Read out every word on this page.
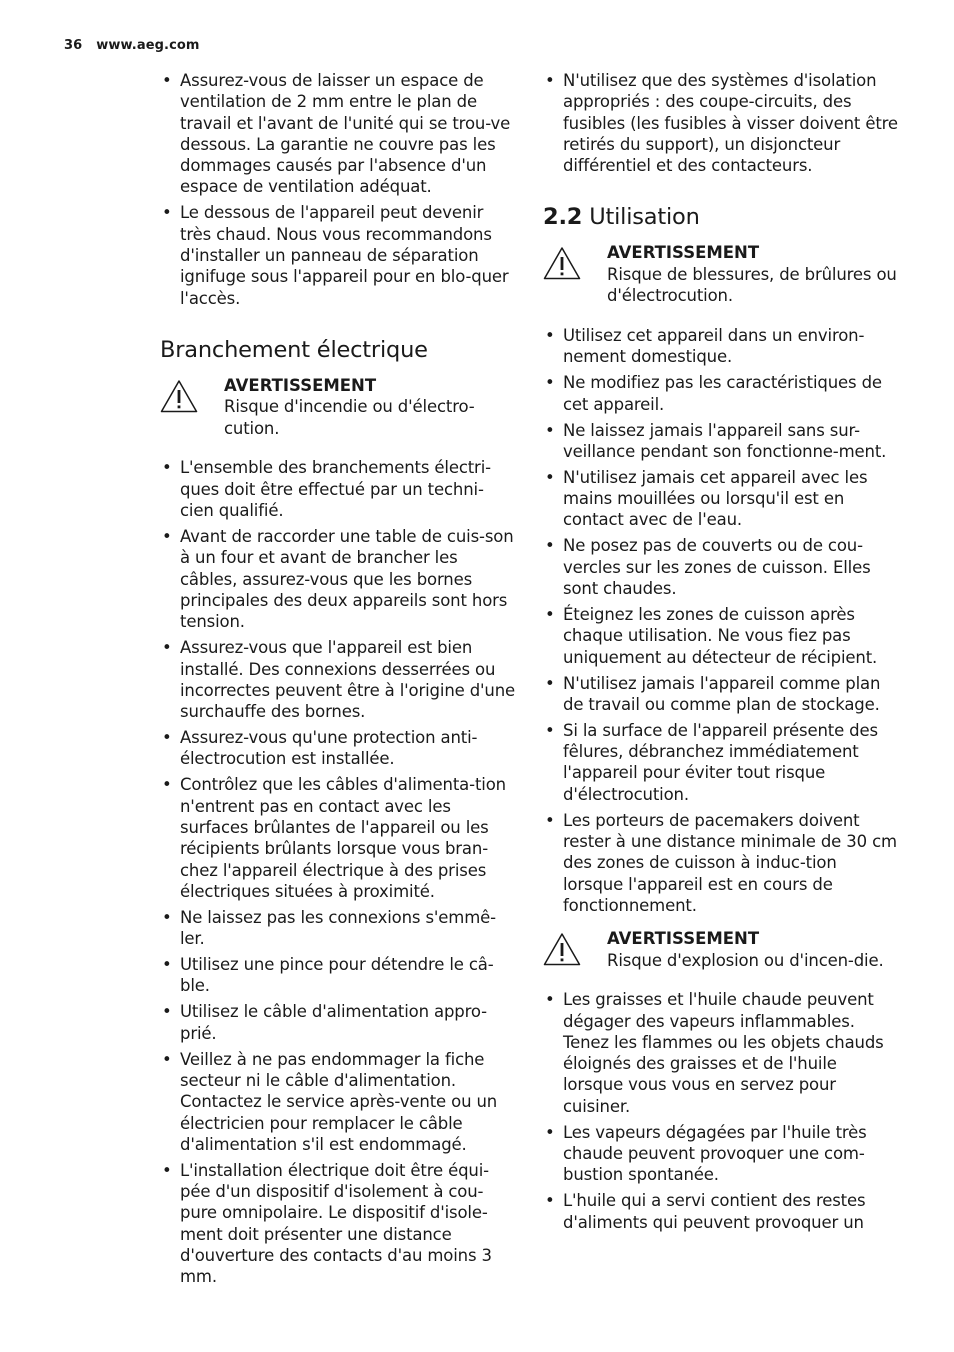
36 www.aeg.com
• Assurez-vous de laisser un espace de ventilation de 2 mm entre le plan de travail et l'avant de l'unité qui se trou-ve dessous. La garantie ne couvre pas les dommages causés par l'absence d'un espace de ventilation adéquat.
• Le dessous de l'appareil peut devenir très chaud. Nous vous recommandons d'installer un panneau de séparation ignifuge sous l'appareil pour en blo-quer l'accès.
Branchement électrique
AVERTISSEMENT
Risque d'incendie ou d'électro-cution.
• L'ensemble des branchements électri-ques doit être effectué par un techni-cien qualifié.
• Avant de raccorder une table de cuis-son à un four et avant de brancher les câbles, assurez-vous que les bornes principales des deux appareils sont hors tension.
• Assurez-vous que l'appareil est bien installé. Des connexions desserrées ou incorrectes peuvent être à l'origine d'une surchauffe des bornes.
• Assurez-vous qu'une protection anti-électrocution est installée.
• Contrôlez que les câbles d'alimenta-tion n'entrent pas en contact avec les surfaces brûlantes de l'appareil ou les récipients brûlants lorsque vous bran-chez l'appareil électrique à des prises électriques situées à proximité.
• Ne laissez pas les connexions s'emmê-ler.
• Utilisez une pince pour détendre le câ-ble.
• Utilisez le câble d'alimentation appro-prié.
• Veillez à ne pas endommager la fiche secteur ni le câble d'alimentation. Contactez le service après-vente ou un électricien pour remplacer le câble d'alimentation s'il est endommagé.
• L'installation électrique doit être équi-pée d'un dispositif d'isolement à cou-pure omnipolaire. Le dispositif d'isole-ment doit présenter une distance d'ouverture des contacts d'au moins 3 mm.
• N'utilisez que des systèmes d'isolation appropriés : des coupe-circuits, des fusibles (les fusibles à visser doivent être retirés du support), un disjoncteur différentiel et des contacteurs.
2.2 Utilisation
AVERTISSEMENT
Risque de blessures, de brûlures ou d'électrocution.
• Utilisez cet appareil dans un environ-nement domestique.
• Ne modifiez pas les caractéristiques de cet appareil.
• Ne laissez jamais l'appareil sans sur-veillance pendant son fonctionne-ment.
• N'utilisez jamais cet appareil avec les mains mouillées ou lorsqu'il est en contact avec de l'eau.
• Ne posez pas de couverts ou de cou-vercles sur les zones de cuisson. Elles sont chaudes.
• Éteignez les zones de cuisson après chaque utilisation. Ne vous fiez pas uniquement au détecteur de récipient.
• N'utilisez jamais l'appareil comme plan de travail ou comme plan de stockage.
• Si la surface de l'appareil présente des fêlures, débranchez immédiatement l'appareil pour éviter tout risque d'électrocution.
• Les porteurs de pacemakers doivent rester à une distance minimale de 30 cm des zones de cuisson à induc-tion lorsque l'appareil est en cours de fonctionnement.
AVERTISSEMENT
Risque d'explosion ou d'incen-die.
• Les graisses et l'huile chaude peuvent dégager des vapeurs inflammables. Tenez les flammes ou les objets chauds éloignés des graisses et de l'huile lorsque vous vous en servez pour cuisiner.
• Les vapeurs dégagées par l'huile très chaude peuvent provoquer une com-bustion spontanée.
• L'huile qui a servi contient des restes d'aliments qui peuvent provoquer un
